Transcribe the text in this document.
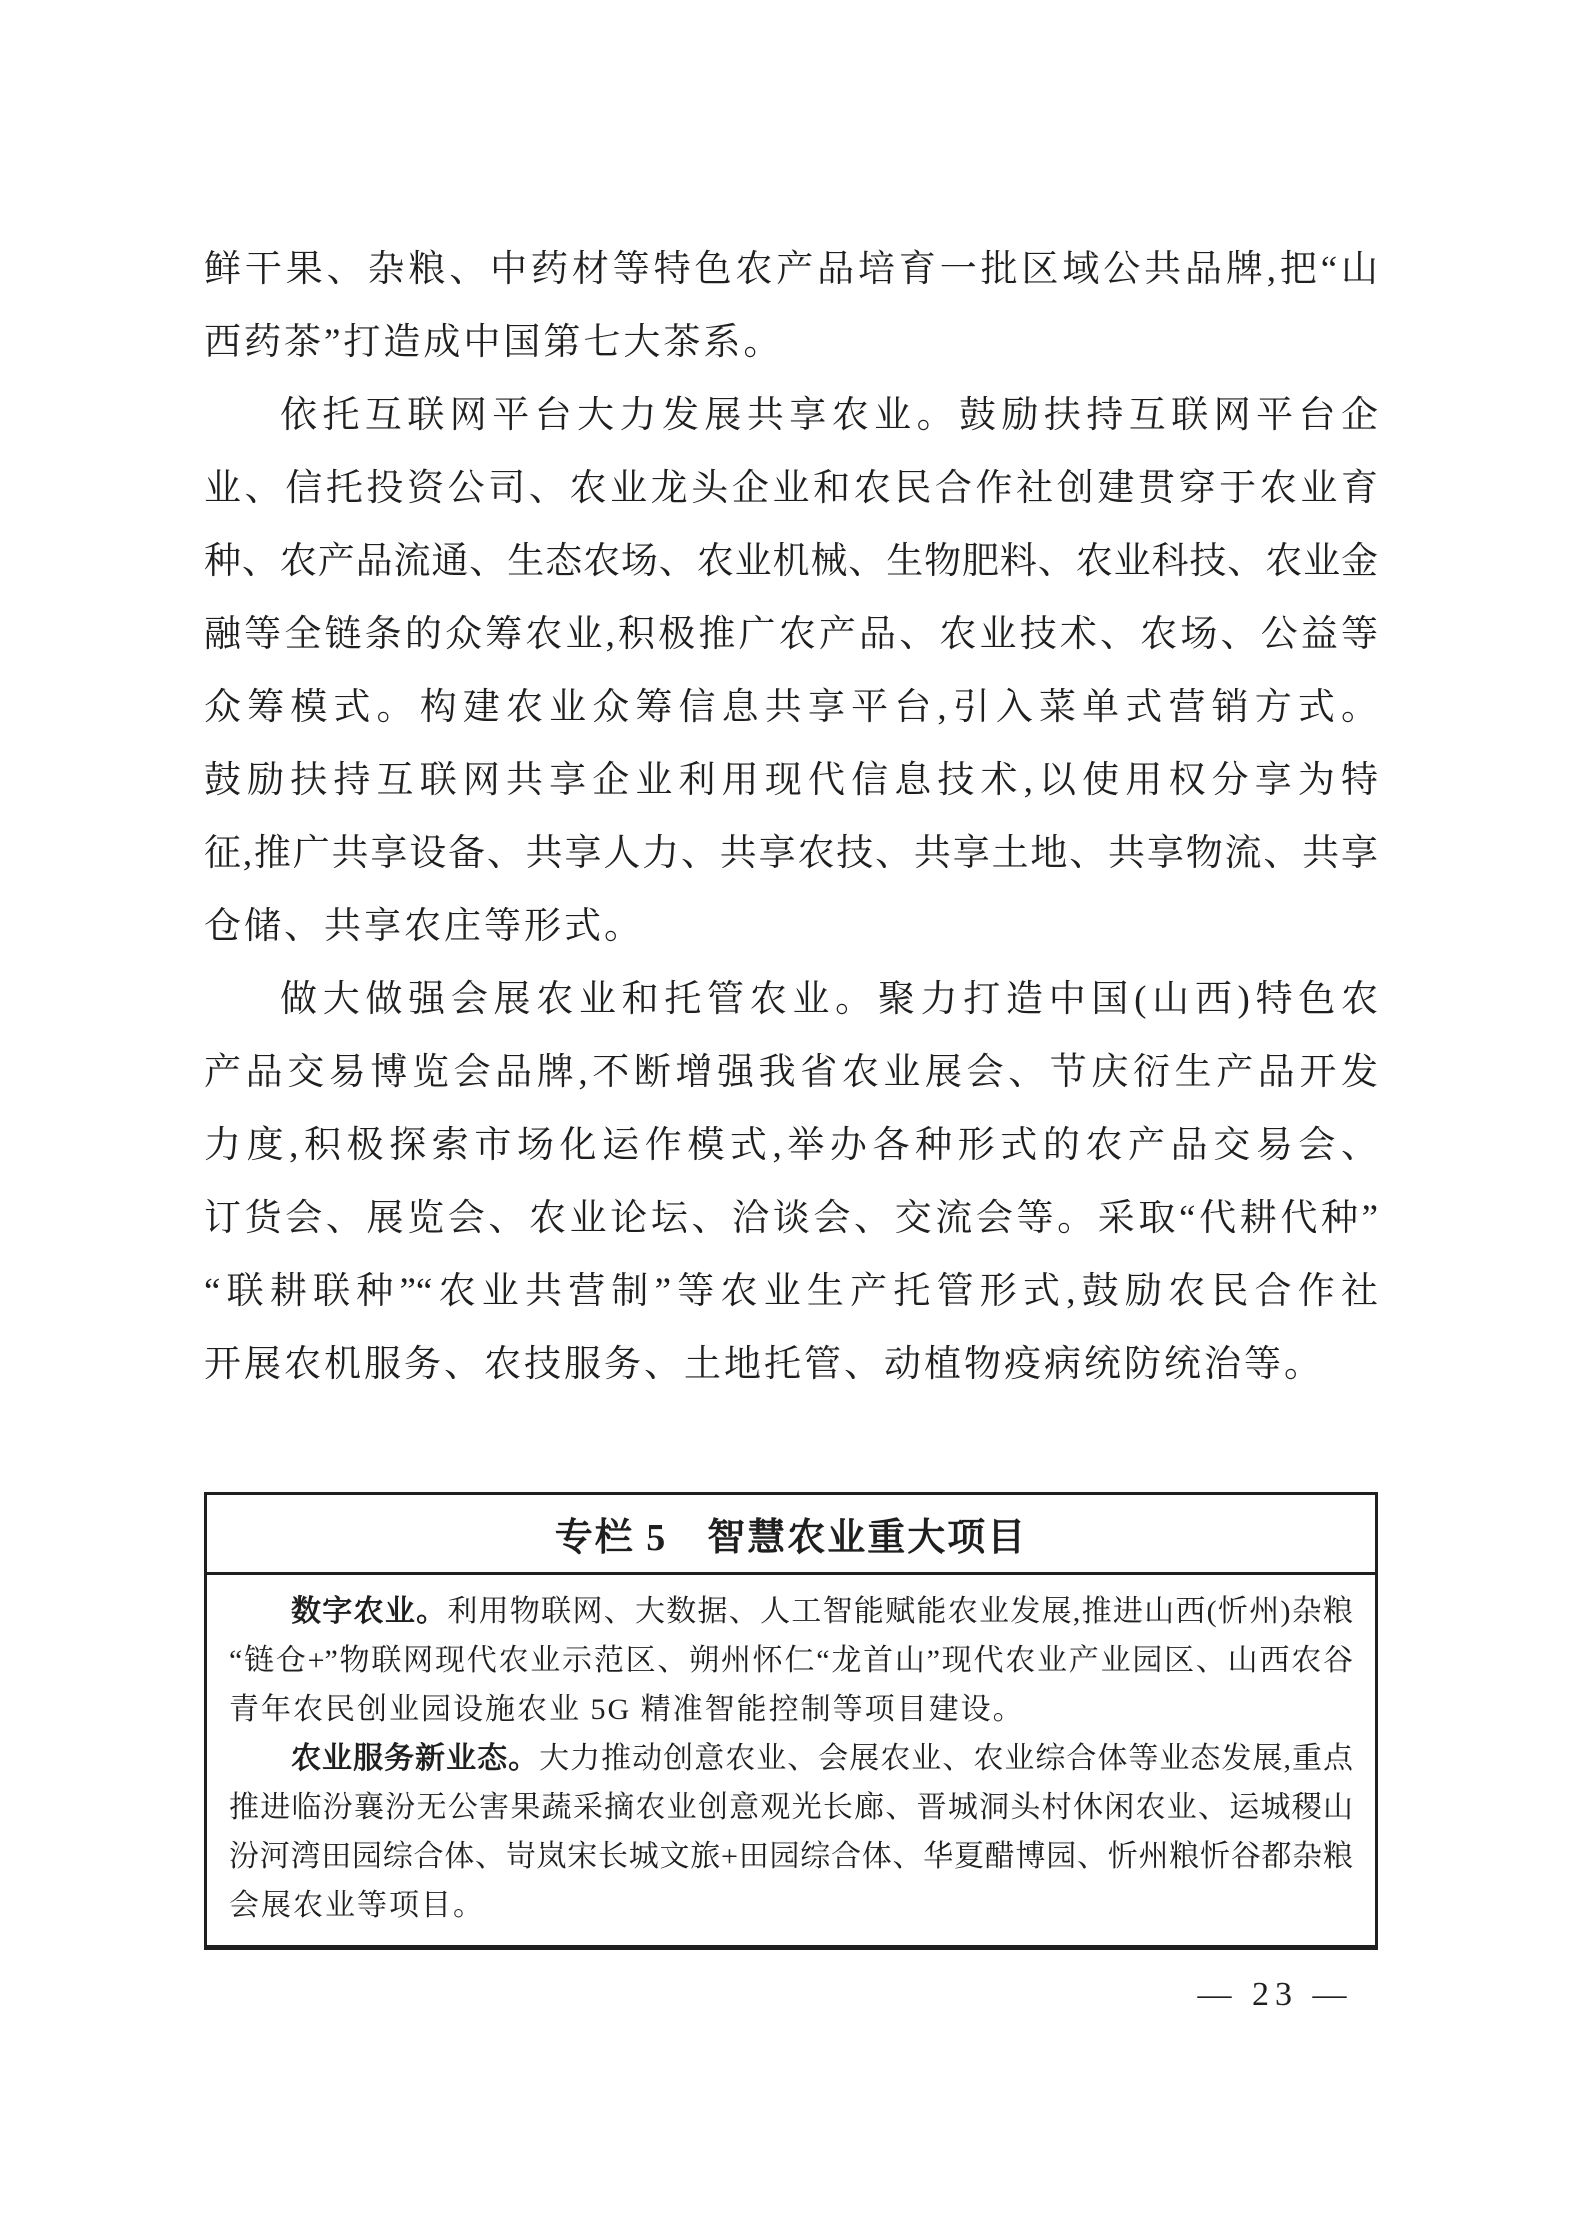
鲜干果、杂粮、中药材等特色农产品培育一批区域公共品牌,把“山
西药茶”打造成中国第七大茶系。
依托互联网平台大力发展共享农业。鼓励扶持互联网平台企
业、信托投资公司、农业龙头企业和农民合作社创建贯穿于农业育
种、农产品流通、生态农场、农业机械、生物肥料、农业科技、农业金
融等全链条的众筹农业,积极推广农产品、农业技术、农场、公益等
众筹模式。构建农业众筹信息共享平台,引入菜单式营销方式。
鼓励扶持互联网共享企业利用现代信息技术,以使用权分享为特
征,推广共享设备、共享人力、共享农技、共享土地、共享物流、共享
仓储、共享农庄等形式。
做大做强会展农业和托管农业。聚力打造中国(山西)特色农
产品交易博览会品牌,不断增强我省农业展会、节庆衍生产品开发
力度,积极探索市场化运作模式,举办各种形式的农产品交易会、
订货会、展览会、农业论坛、洽谈会、交流会等。采取“代耕代种”
“联耕联种”“农业共营制”等农业生产托管形式,鼓励农民合作社
开展农机服务、农技服务、土地托管、动植物疫病统防统治等。
专栏 5　智慧农业重大项目
数字农业。利用物联网、大数据、人工智能赋能农业发展,推进山西(忻州)杂粮
“链仓+”物联网现代农业示范区、朔州怀仁“龙首山”现代农业产业园区、山西农谷
青年农民创业园设施农业 5G 精准智能控制等项目建设。
农业服务新业态。大力推动创意农业、会展农业、农业综合体等业态发展,重点
推进临汾襄汾无公害果蔬采摘农业创意观光长廊、晋城洞头村休闲农业、运城稷山
汾河湾田园综合体、岢岚宋长城文旅+田园综合体、华夏醋博园、忻州粮忻谷都杂粮
会展农业等项目。
— 23 —
